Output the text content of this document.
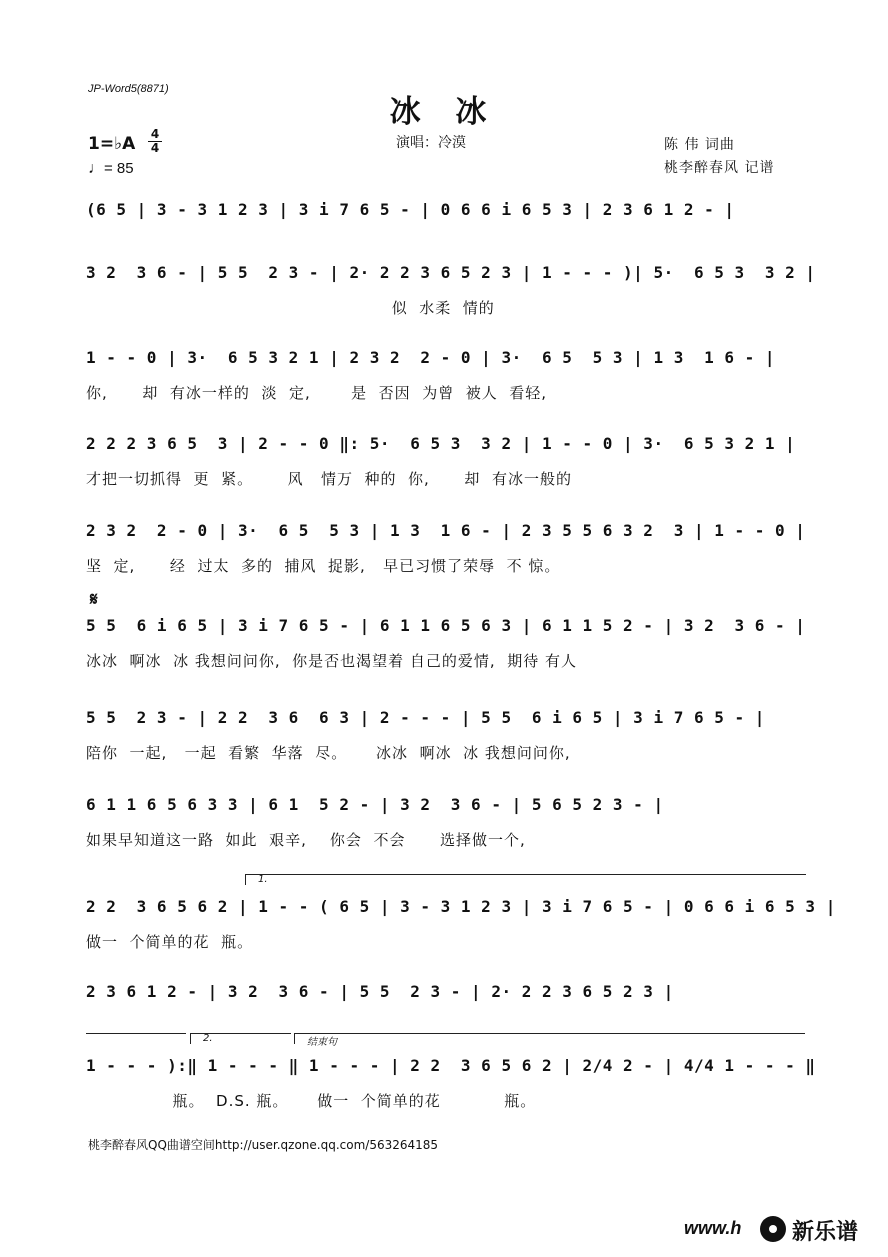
JP-Word5(8871)
冰 冰
1=♭A 4
4
♩= 85
演唱：冷漠	陈 伟 词曲
桃李醉春风 记谱
(6 5 | 3 - 3 1 2 3 | 3 i 7 6 5 - | 0 6 6 i 6 5 3 | 2 3 6 1 2 - |
3 2  3 6 - | 5 5  2 3 - | 2· 2 2 3 6 5 2 3 | 1 - - - )| 5·  6 5 3  3 2 |
似  水柔  情的
1 - - 0 | 3·  6 5 3 2 1 | 2 3 2  2 - 0 | 3·  6 5  5 3 | 1 3  1 6 - |
你,      却  有冰一样的  淡  定,       是  否因  为曾  被人  看轻,
2 2 2 3 6 5  3 | 2 - - 0 ‖: 5·  6 5 3  3 2 | 1 - - 0 | 3·  6 5 3 2 1 |
才把一切抓得  更  紧。      风   情万  种的  你,      却  有冰一般的
2 3 2  2 - 0 | 3·  6 5  5 3 | 1 3  1 6 - | 2 3 5 5 6 3 2  3 | 1 - - 0 |
坚  定,      经  过太  多的  捕风  捉影,   早已习惯了荣辱  不 惊。
𝄋
5 5  6 i 6 5 | 3 i 7 6 5 - | 6 1 1 6 5 6 3 | 6 1 1 5 2 - | 3 2  3 6 - |
冰冰  啊冰  冰 我想问问你,  你是否也渴望着 自己的爱情,  期待 有人
5 5  2 3 - | 2 2  3 6  6 3 | 2 - - - | 5 5  6 i 6 5 | 3 i 7 6 5 - |
陪你  一起,   一起  看繁  华落  尽。     冰冰  啊冰  冰 我想问问你,
6 1 1 6 5 6 3 3 | 6 1  5 2 - | 3 2  3 6 - | 5 6 5 2 3 - |
如果早知道这一路  如此  艰辛,    你会  不会      选择做一个,
1.
2 2  3 6 5 6 2 | 1 - - ( 6 5 | 3 - 3 1 2 3 | 3 i 7 6 5 - | 0 6 6 i 6 5 3 |
做一  个简单的花  瓶。
2 3 6 1 2 - | 3 2  3 6 - | 5 5  2 3 - | 2· 2 2 3 6 5 2 3 |
2.	结束句
1 - - - ):‖ 1 - - - ‖ 1 - - - | 2 2  3 6 5 6 2 | 2/4 2 - | 4/4 1 - - - ‖
瓶。  D.S. 瓶。     做一  个简单的花           瓶。
桃李醉春风QQ曲谱空间http://user.qzone.qq.com/563264185
www.h 新乐谱
